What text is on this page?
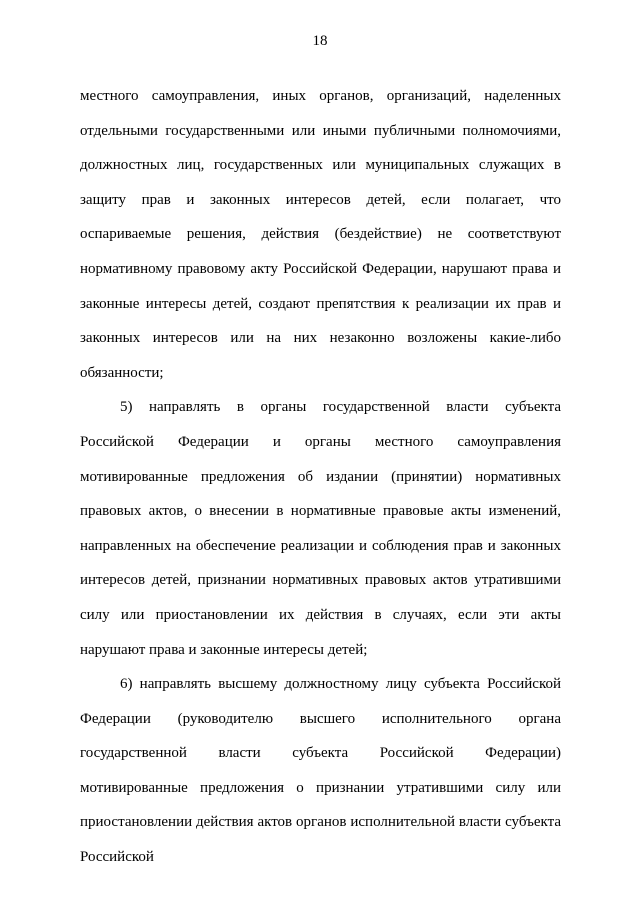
18

местного самоуправления, иных органов, организаций, наделенных отдельными государственными или иными публичными полномочиями, должностных лиц, государственных или муниципальных служащих в защиту прав и законных интересов детей, если полагает, что оспариваемые решения, действия (бездействие) не соответствуют нормативному правовому акту Российской Федерации, нарушают права и законные интересы детей, создают препятствия к реализации их прав и законных интересов или на них незаконно возложены какие-либо обязанности;

5) направлять в органы государственной власти субъекта Российской Федерации и органы местного самоуправления мотивированные предложения об издании (принятии) нормативных правовых актов, о внесении в нормативные правовые акты изменений, направленных на обеспечение реализации и соблюдения прав и законных интересов детей, признании нормативных правовых актов утратившими силу или приостановлении их действия в случаях, если эти акты нарушают права и законные интересы детей;

6) направлять высшему должностному лицу субъекта Российской Федерации (руководителю высшего исполнительного органа государственной власти субъекта Российской Федерации) мотивированные предложения о признании утратившими силу или приостановлении действия актов органов исполнительной власти субъекта Российской
